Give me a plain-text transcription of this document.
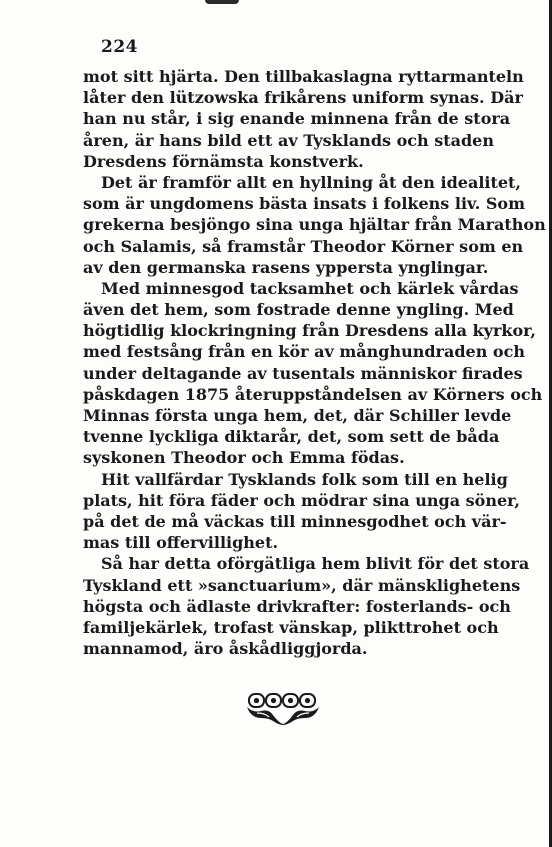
224
mot sitt hjärta. Den tillbakaslagna ryttarmanteln
låter den lützowska frikårens uniform synas. Där
han nu står, i sig enande minnena från de stora
åren, är hans bild ett av Tysklands och staden
Dresdens förnämsta konstverk.
Det är framför allt en hyllning åt den idealitet,
som är ungdomens bästa insats i folkens liv. Som
grekerna besjöngo sina unga hjältar från Marathon
och Salamis, så framstår Theodor Körner som en
av den germanska rasens yppersta ynglingar.
Med minnesgod tacksamhet och kärlek vårdas
även det hem, som fostrade denne yngling. Med
högtidlig klockringning från Dresdens alla kyrkor,
med festsång från en kör av månghundraden och
under deltagande av tusentals människor firades
påskdagen 1875 återuppståndelsen av Körners och
Minnas första unga hem, det, där Schiller levde
tvenne lyckliga diktarår, det, som sett de båda
syskonen Theodor och Emma födas.
Hit vallfärdar Tysklands folk som till en helig
plats, hit föra fäder och mödrar sina unga söner,
på det de må väckas till minnesgodhet och vär-
mas till offervillighet.
Så har detta oförgätliga hem blivit för det stora
Tyskland ett »sanctuarium», där mänsklighetens
högsta och ädlaste drivkrafter: fosterlands- och
familjekärlek, trofast vänskap, plikttrohet och
mannamod, äro åskådliggjorda.
